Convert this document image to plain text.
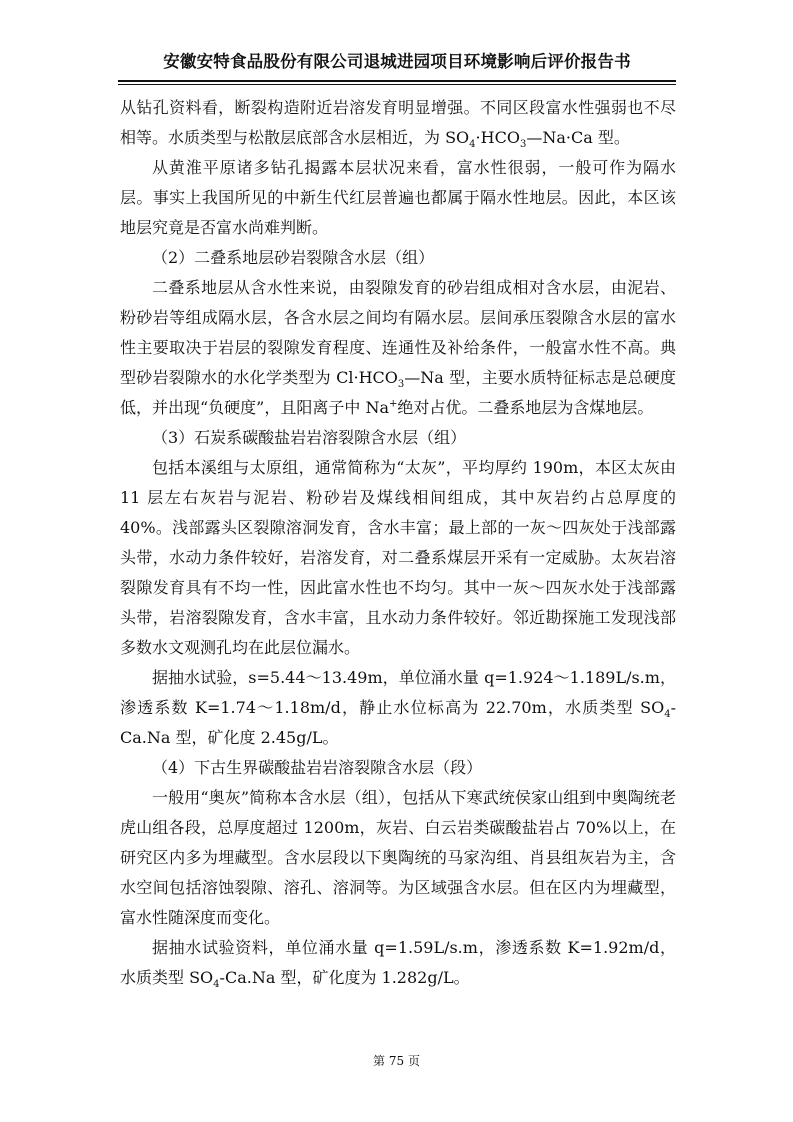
安徽安特食品股份有限公司退城进园项目环境影响后评价报告书

从钻孔资料看，断裂构造附近岩溶发育明显增强。不同区段富水性强弱也不尽相等。水质类型与松散层底部含水层相近，为 $SO_4\cdot HCO_3—Na\cdot Ca$ 型。

从黄淮平原诸多钻孔揭露本层状况来看，富水性很弱，一般可作为隔水层。事实上我国所见的中新生代红层普遍也都属于隔水性地层。因此，本区该地层究竟是否富水尚难判断。

（2）二叠系地层砂岩裂隙含水层（组）

二叠系地层从含水性来说，由裂隙发育的砂岩组成相对含水层，由泥岩、粉砂岩等组成隔水层，各含水层之间均有隔水层。层间承压裂隙含水层的富水性主要取决于岩层的裂隙发育程度、连通性及补给条件，一般富水性不高。典型砂岩裂隙水的水化学类型为 $Cl\cdot HCO_3—Na$ 型，主要水质特征标志是总硬度低，并出现“负硬度”，且阳离子中 Na+绝对占优。二叠系地层为含煤地层。

（3）石炭系碳酸盐岩岩溶裂隙含水层（组）

包括本溪组与太原组，通常简称为“太灰”，平均厚约 190m，本区太灰由 11 层左右灰岩与泥岩、粉砂岩及煤线相间组成，其中灰岩约占总厚度的 40%。浅部露头区裂隙溶洞发育，含水丰富；最上部的一灰～四灰处于浅部露头带，水动力条件较好，岩溶发育，对二叠系煤层开采有一定威胁。太灰岩溶裂隙发育具有不均一性，因此富水性也不均匀。其中一灰～四灰水处于浅部露头带，岩溶裂隙发育，含水丰富，且水动力条件较好。邻近勘探施工发现浅部多数水文观测孔均在此层位漏水。

据抽水试验，s=5.44～13.49m，单位涌水量 q=1.924～1.189L/s.m，渗透系数 K=1.74～1.18m/d，静止水位标高为 22.70m，水质类型 $SO_4-Ca.Na$ 型，矿化度 2.45g/L。

（4）下古生界碳酸盐岩岩溶裂隙含水层（段）

一般用“奥灰”简称本含水层（组），包括从下寒武统侯家山组到中奥陶统老虎山组各段，总厚度超过 1200m，灰岩、白云岩类碳酸盐岩占 70%以上，在研究区内多为埋藏型。含水层段以下奥陶统的马家沟组、肖县组灰岩为主，含水空间包括溶蚀裂隙、溶孔、溶洞等。为区域强含水层。但在区内为埋藏型，富水性随深度而变化。

据抽水试验资料，单位涌水量 q=1.59L/s.m，渗透系数 K=1.92m/d，水质类型 $SO_4-Ca.Na$ 型，矿化度为 1.282g/L。

第 75 页
